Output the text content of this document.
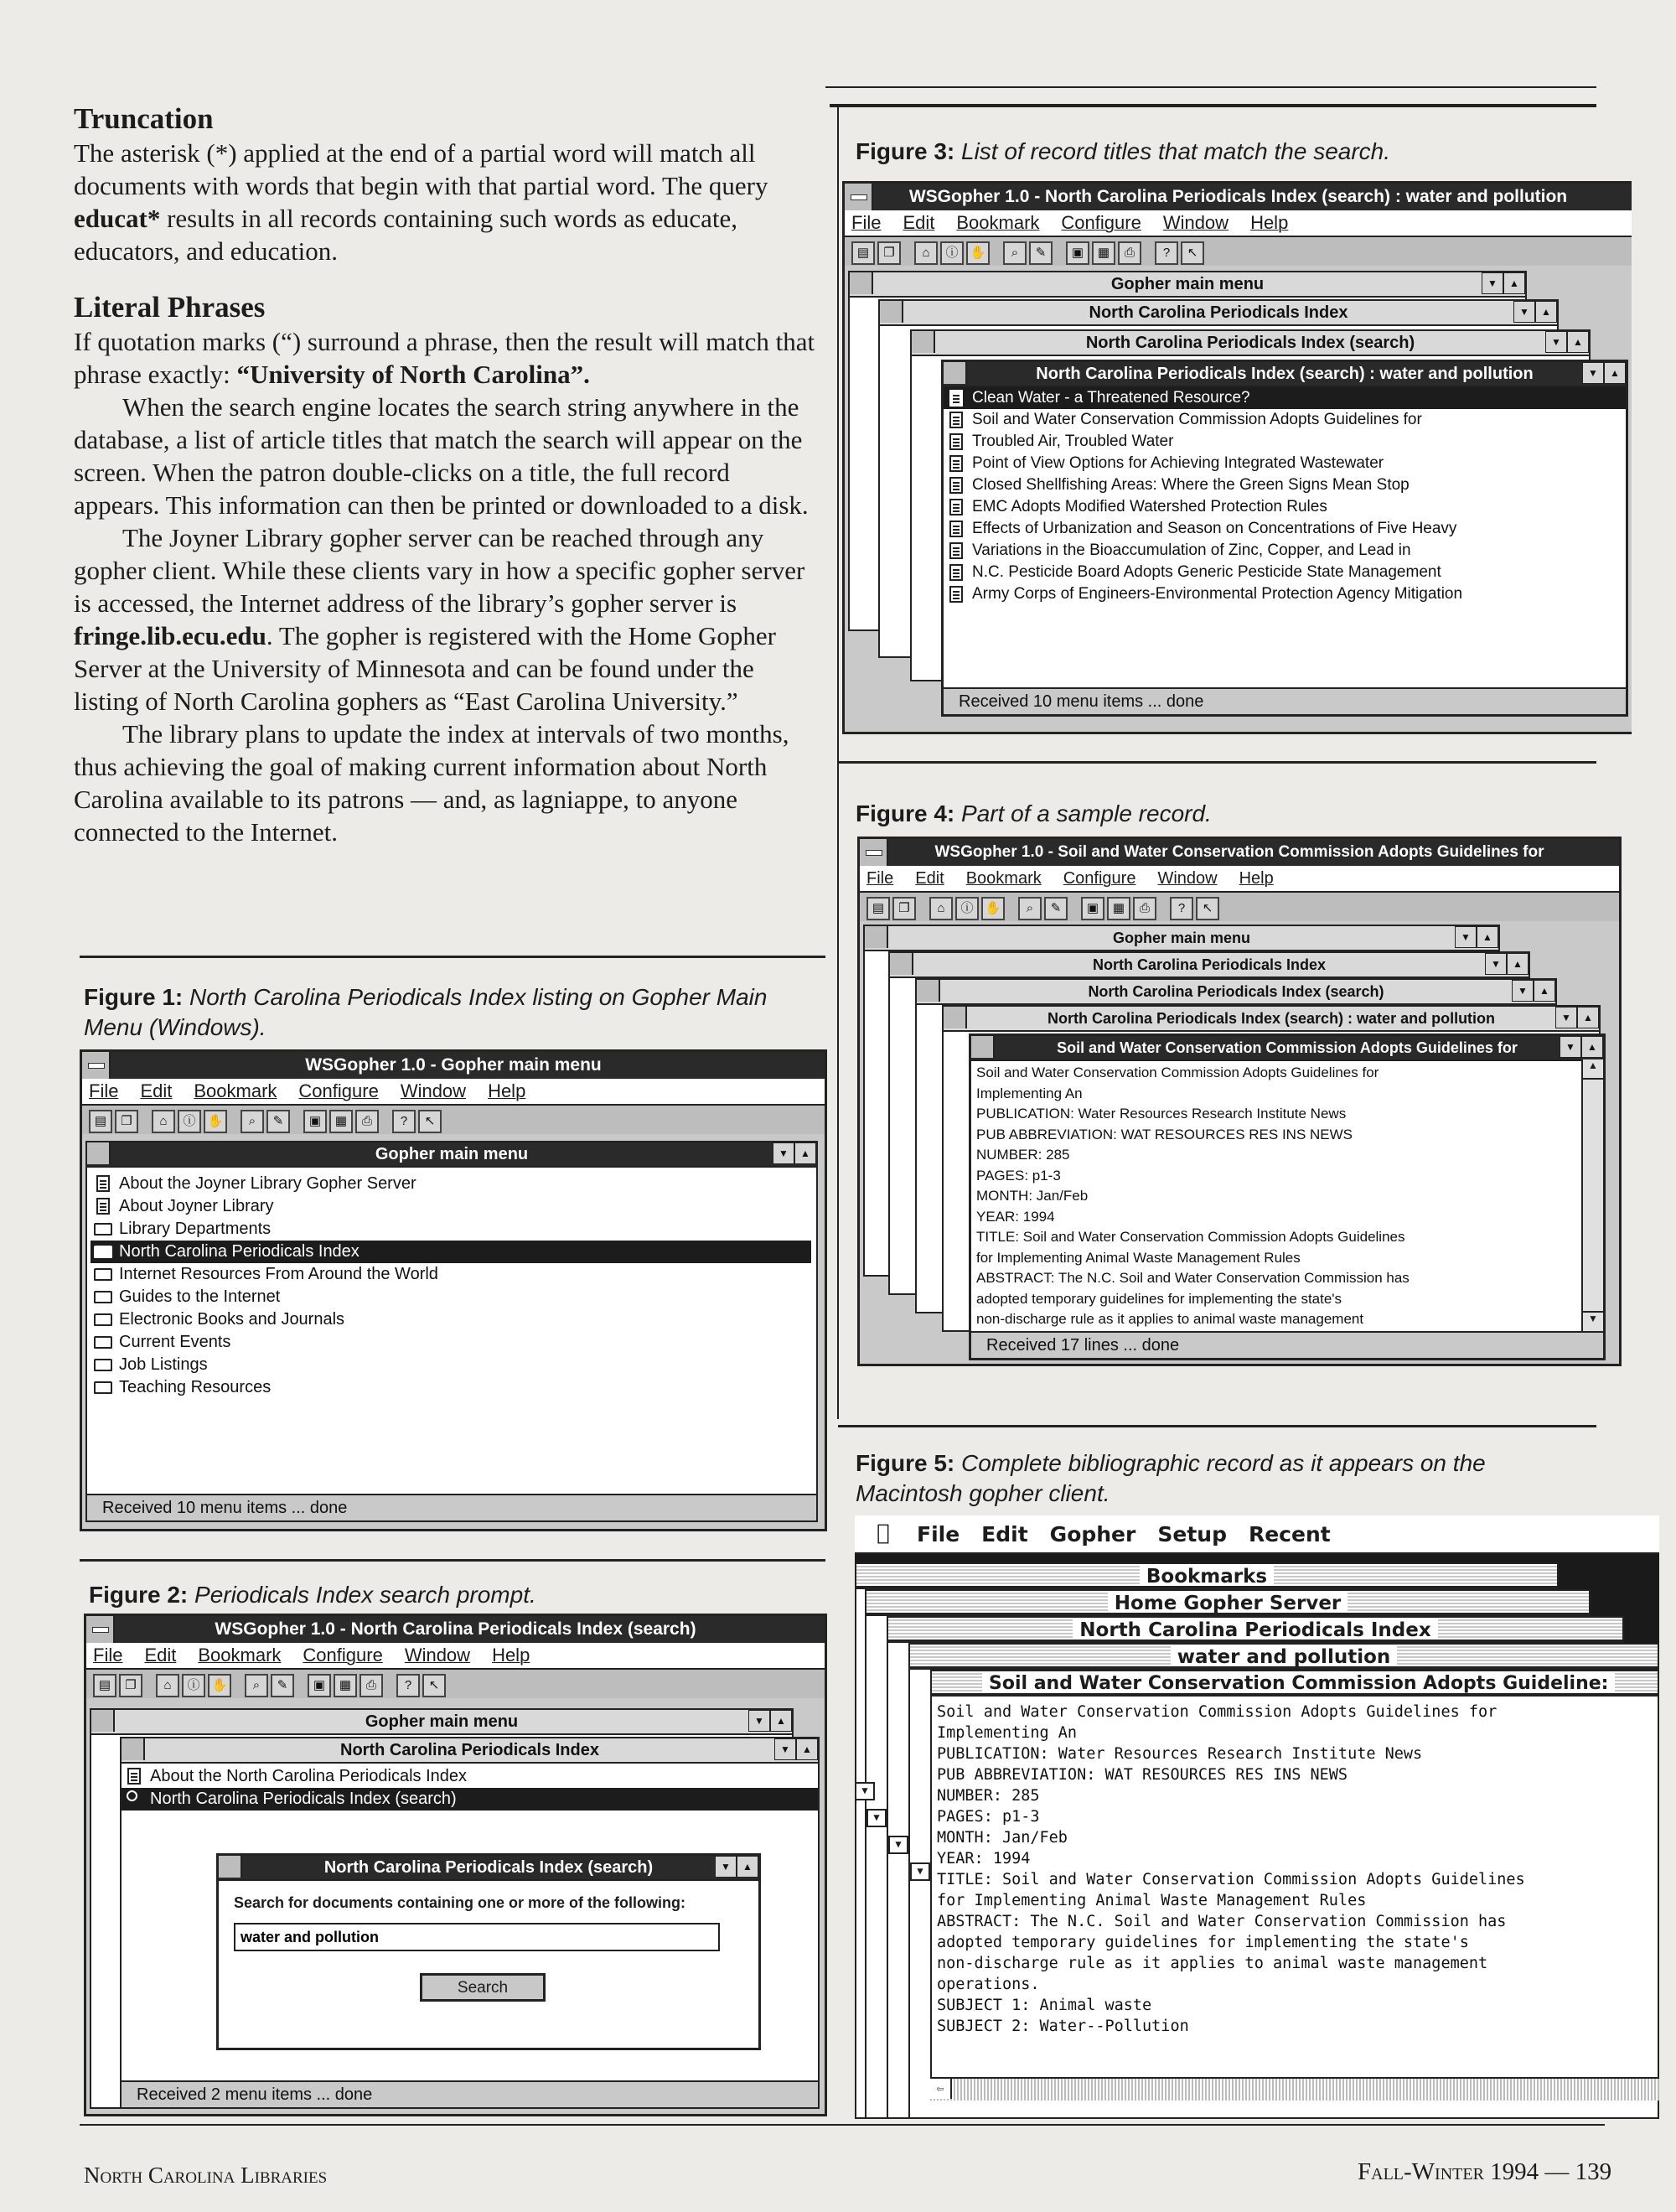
Truncation

The asterisk (*) applied at the end of a partial word will match all documents with words that begin with that partial word. The query educat* results in all records containing such words as educate, educators, and education.

Literal Phrases

If quotation marks (“) surround a phrase, then the result will match that phrase exactly: “University of North Carolina”.

When the search engine locates the search string anywhere in the database, a list of article titles that match the search will appear on the screen. When the patron double-clicks on a title, the full record appears. This information can then be printed or downloaded to a disk.

The Joyner Library gopher server can be reached through any gopher client. While these clients vary in how a specific gopher server is accessed, the Internet address of the library’s gopher server is fringe.lib.ecu.edu. The gopher is registered with the Home Gopher Server at the University of Minnesota and can be found under the listing of North Carolina gophers as “East Carolina University.”

The library plans to update the index at intervals of two months, thus achieving the goal of making current information about North Carolina available to its patrons — and, as lagniappe, to anyone connected to the Internet.

Figure 1: North Carolina Periodicals Index listing on Gopher Main Menu (Windows).
WSGopher 1.0 - Gopher main menu
File Edit Bookmark Configure Window Help
▤	❐	⌂	ⓘ ✋	⌕	✎	▣	▦	⎙	?	↖
Gopher main menu	▼	▲
About the Joyner Library Gopher Server
About Joyner Library
Library Departments
North Carolina Periodicals Index
Internet Resources From Around the World
Guides to the Internet
Electronic Books and Journals
Current Events
Job Listings
Teaching Resources
Received 10 menu items ... done
Figure 2: Periodicals Index search prompt.
WSGopher 1.0 - North Carolina Periodicals Index (search)
File Edit Bookmark Configure Window Help
▤	❐	⌂	ⓘ ✋	⌕	✎	▣	▦	⎙	?	↖
Gopher main menu	▼	▲
North Carolina Periodicals Index	▼	▲
About the North Carolina Periodicals Index
North Carolina Periodicals Index (search)
Received 2 menu items ... done
North Carolina Periodicals Index (search)	▼	▲
Search for documents containing one or more of the following:
water and pollution
Search
Figure 3: List of record titles that match the search.
WSGopher 1.0 - North Carolina Periodicals Index (search) : water and pollution
File Edit Bookmark Configure Window Help
▤	❐	⌂	ⓘ ✋	⌕	✎	▣	▦	⎙	?	↖
Gopher main menu	▼	▲
North Carolina Periodicals Index	▼	▲
North Carolina Periodicals Index (search)	▼	▲
North Carolina Periodicals Index (search) : water and pollution	▼	▲
Clean Water - a Threatened Resource?
Soil and Water Conservation Commission Adopts Guidelines for
Troubled Air, Troubled Water
Point of View Options for Achieving Integrated Wastewater
Closed Shellfishing Areas: Where the Green Signs Mean Stop
EMC Adopts Modified Watershed Protection Rules
Effects of Urbanization and Season on Concentrations of Five Heavy
Variations in the Bioaccumulation of Zinc, Copper, and Lead in
N.C. Pesticide Board Adopts Generic Pesticide State Management
Army Corps of Engineers-Environmental Protection Agency Mitigation
Received 10 menu items ... done
Figure 4: Part of a sample record.
WSGopher 1.0 - Soil and Water Conservation Commission Adopts Guidelines for
File Edit Bookmark Configure Window Help
▤	❐	⌂	ⓘ ✋	⌕	✎	▣	▦	⎙	?	↖
Gopher main menu	▼	▲
North Carolina Periodicals Index	▼	▲
North Carolina Periodicals Index (search)	▼	▲
North Carolina Periodicals Index (search) : water and pollution	▼	▲
Soil and Water Conservation Commission Adopts Guidelines for	▼	▲
Soil and Water Conservation Commission Adopts Guidelines for
Implementing An
PUBLICATION: Water Resources Research Institute News
PUB ABBREVIATION: WAT RESOURCES RES INS NEWS
NUMBER: 285
PAGES: p1-3
MONTH: Jan/Feb
YEAR: 1994
TITLE: Soil and Water Conservation Commission Adopts Guidelines
for Implementing Animal Waste Management Rules
ABSTRACT: The N.C. Soil and Water Conservation Commission has
adopted temporary guidelines for implementing the state's
non-discharge rule as it applies to animal waste management
▲
▼
Received 17 lines ... done
Figure 5: Complete bibliographic record as it appears on the Macintosh gopher client.
File Edit Gopher Setup Recent
Bookmarks
Home Gopher Server
North Carolina Periodicals Index
water and pollution
Soil and Water Conservation Commission Adopts Guideline:
▼
▼
▼
▼
Soil and Water Conservation Commission Adopts Guidelines for
Implementing An
PUBLICATION: Water Resources Research Institute News
PUB ABBREVIATION: WAT RESOURCES RES INS NEWS
NUMBER: 285
PAGES: p1-3
MONTH: Jan/Feb
YEAR: 1994
TITLE: Soil and Water Conservation Commission Adopts Guidelines
for Implementing Animal Waste Management Rules
ABSTRACT: The N.C. Soil and Water Conservation Commission has
adopted temporary guidelines for implementing the state's
non-discharge rule as it applies to animal waste management
operations.
SUBJECT 1: Animal waste
SUBJECT 2: Water--Pollution
⇦
North Carolina Libraries	Fall-Winter 1994 — 139
